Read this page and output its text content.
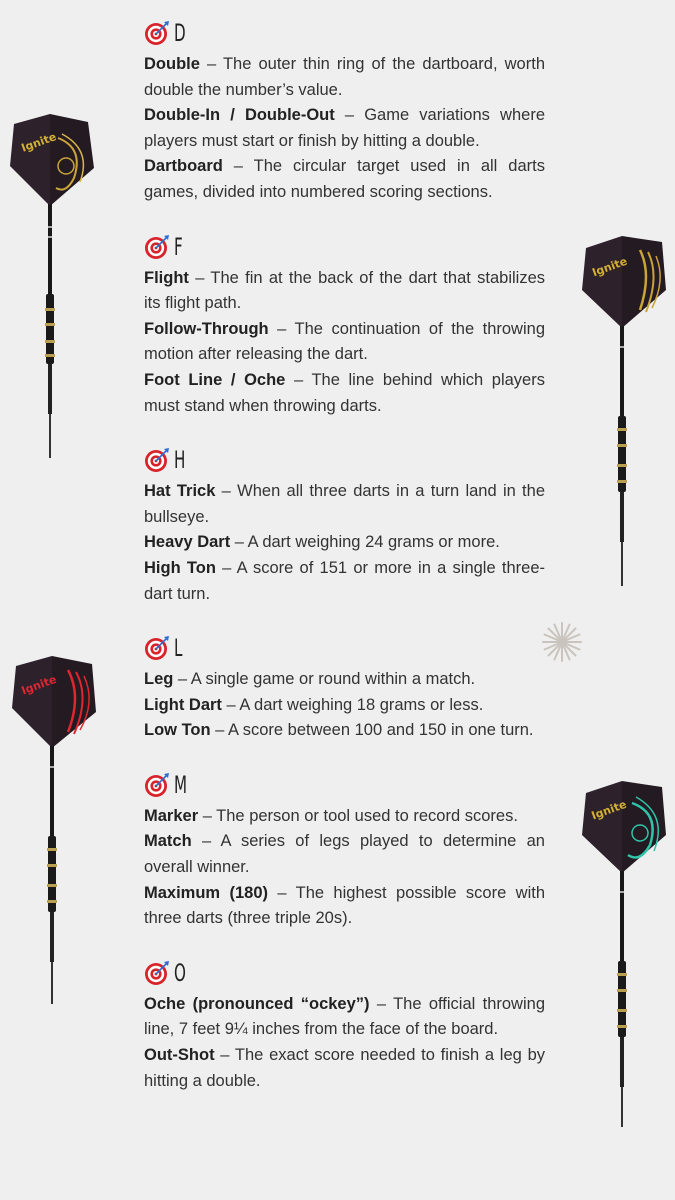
Ignite
Ignite
Ignite
Ignite
D

Double – The outer thin ring of the dartboard, worth double the number’s value.

Double-In / Double-Out – Game variations where players must start or finish by hitting a double.

Dartboard – The circular target used in all darts games, divided into numbered scoring sections.

F

Flight – The fin at the back of the dart that stabilizes its flight path.

Follow-Through – The continuation of the throwing motion after releasing the dart.

Foot Line / Oche – The line behind which players must stand when throwing darts.

H

Hat Trick – When all three darts in a turn land in the bullseye.

Heavy Dart – A dart weighing 24 grams or more.

High Ton – A score of 151 or more in a single three-dart turn.

L

Leg – A single game or round within a match.

Light Dart – A dart weighing 18 grams or less.

Low Ton – A score between 100 and 150 in one turn.

M

Marker – The person or tool used to record scores.

Match – A series of legs played to determine an overall winner.

Maximum (180) – The highest possible score with three darts (three triple 20s).

O

Oche (pronounced “ockey”) – The official throwing line, 7 feet 9¼ inches from the face of the board.

Out-Shot – The exact score needed to finish a leg by hitting a double.
